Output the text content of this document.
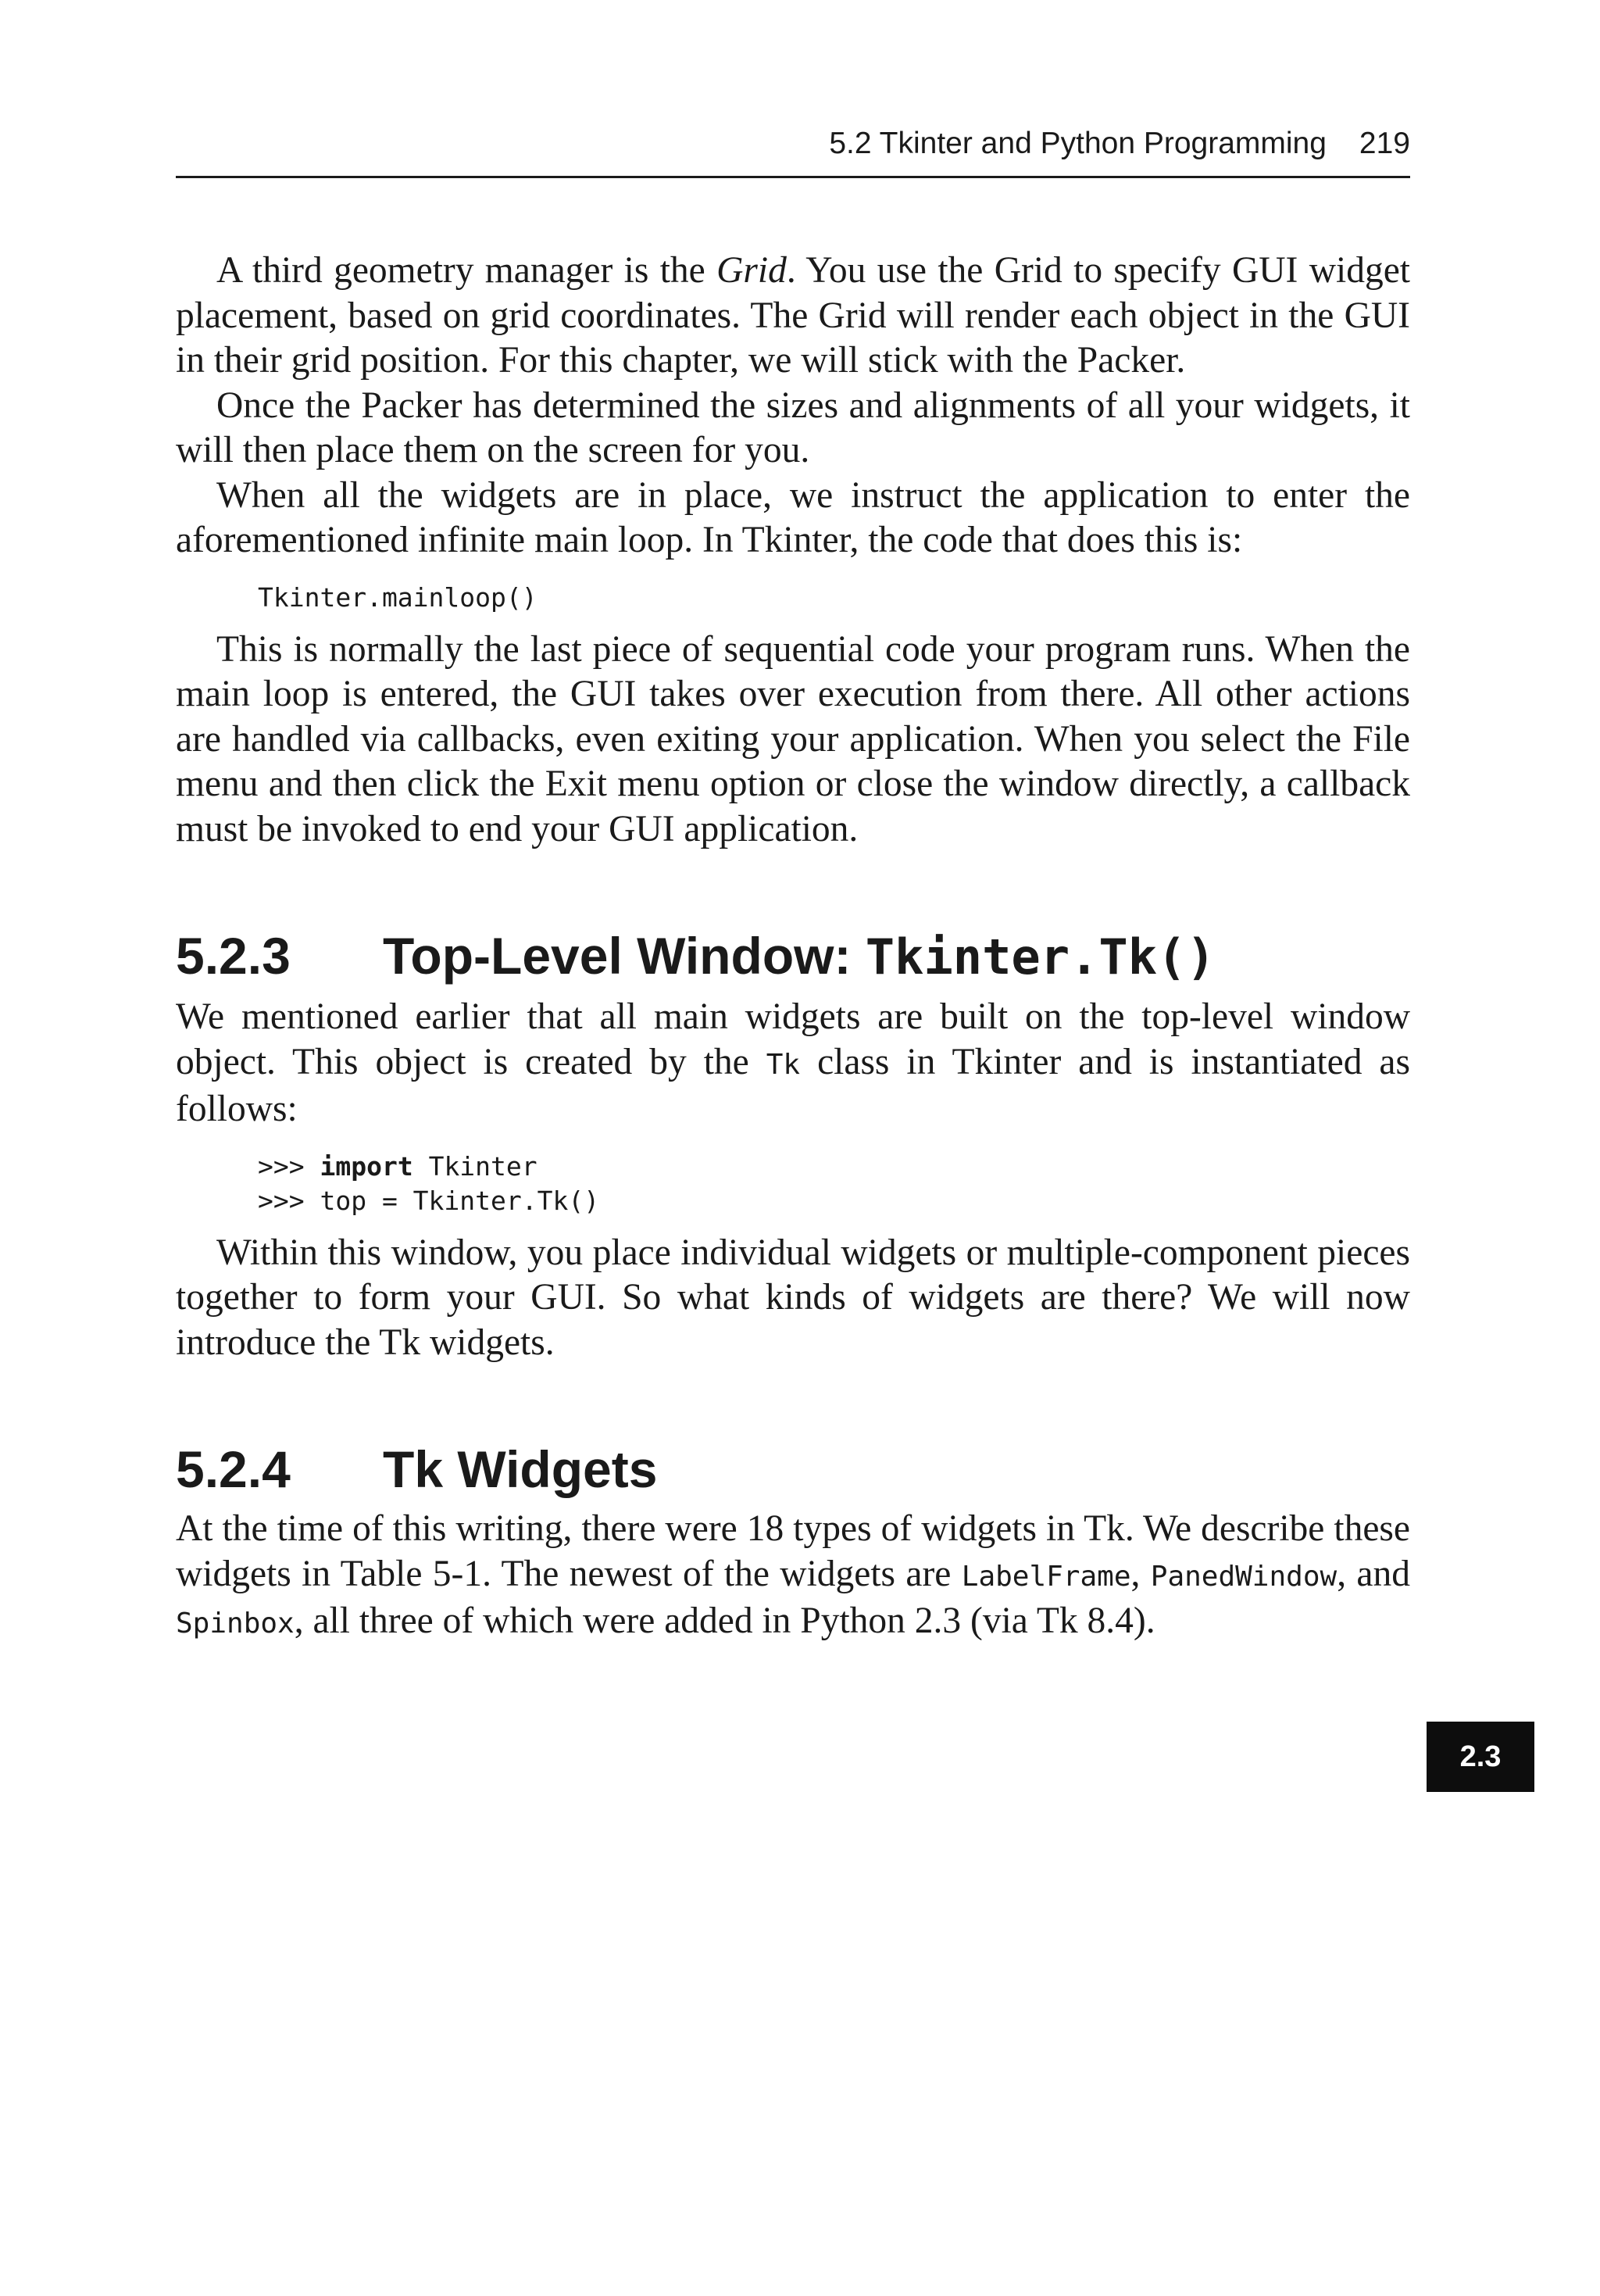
5.2 Tkinter and Python Programming 219

A third geometry manager is the Grid. You use the Grid to specify GUI widget placement, based on grid coordinates. The Grid will render each object in the GUI in their grid position. For this chapter, we will stick with the Packer.

Once the Packer has determined the sizes and alignments of all your widgets, it will then place them on the screen for you.

When all the widgets are in place, we instruct the application to enter the aforementioned infinite main loop. In Tkinter, the code that does this is:

Tkinter.mainloop()

This is normally the last piece of sequential code your program runs. When the main loop is entered, the GUI takes over execution from there. All other actions are handled via callbacks, even exiting your application. When you select the File menu and then click the Exit menu option or close the window directly, a callback must be invoked to end your GUI application.

5.2.3	Top-Level Window: Tkinter.Tk()

We mentioned earlier that all main widgets are built on the top-level window object. This object is created by the Tk class in Tkinter and is instantiated as follows:

>>> import Tkinter
>>> top = Tkinter.Tk()

Within this window, you place individual widgets or multiple-component pieces together to form your GUI. So what kinds of widgets are there? We will now introduce the Tk widgets.

5.2.4	Tk Widgets

At the time of this writing, there were 18 types of widgets in Tk. We describe these widgets in Table 5-1. The newest of the widgets are LabelFrame, PanedWindow, and Spinbox, all three of which were added in Python 2.3 (via Tk 8.4).

2.3
